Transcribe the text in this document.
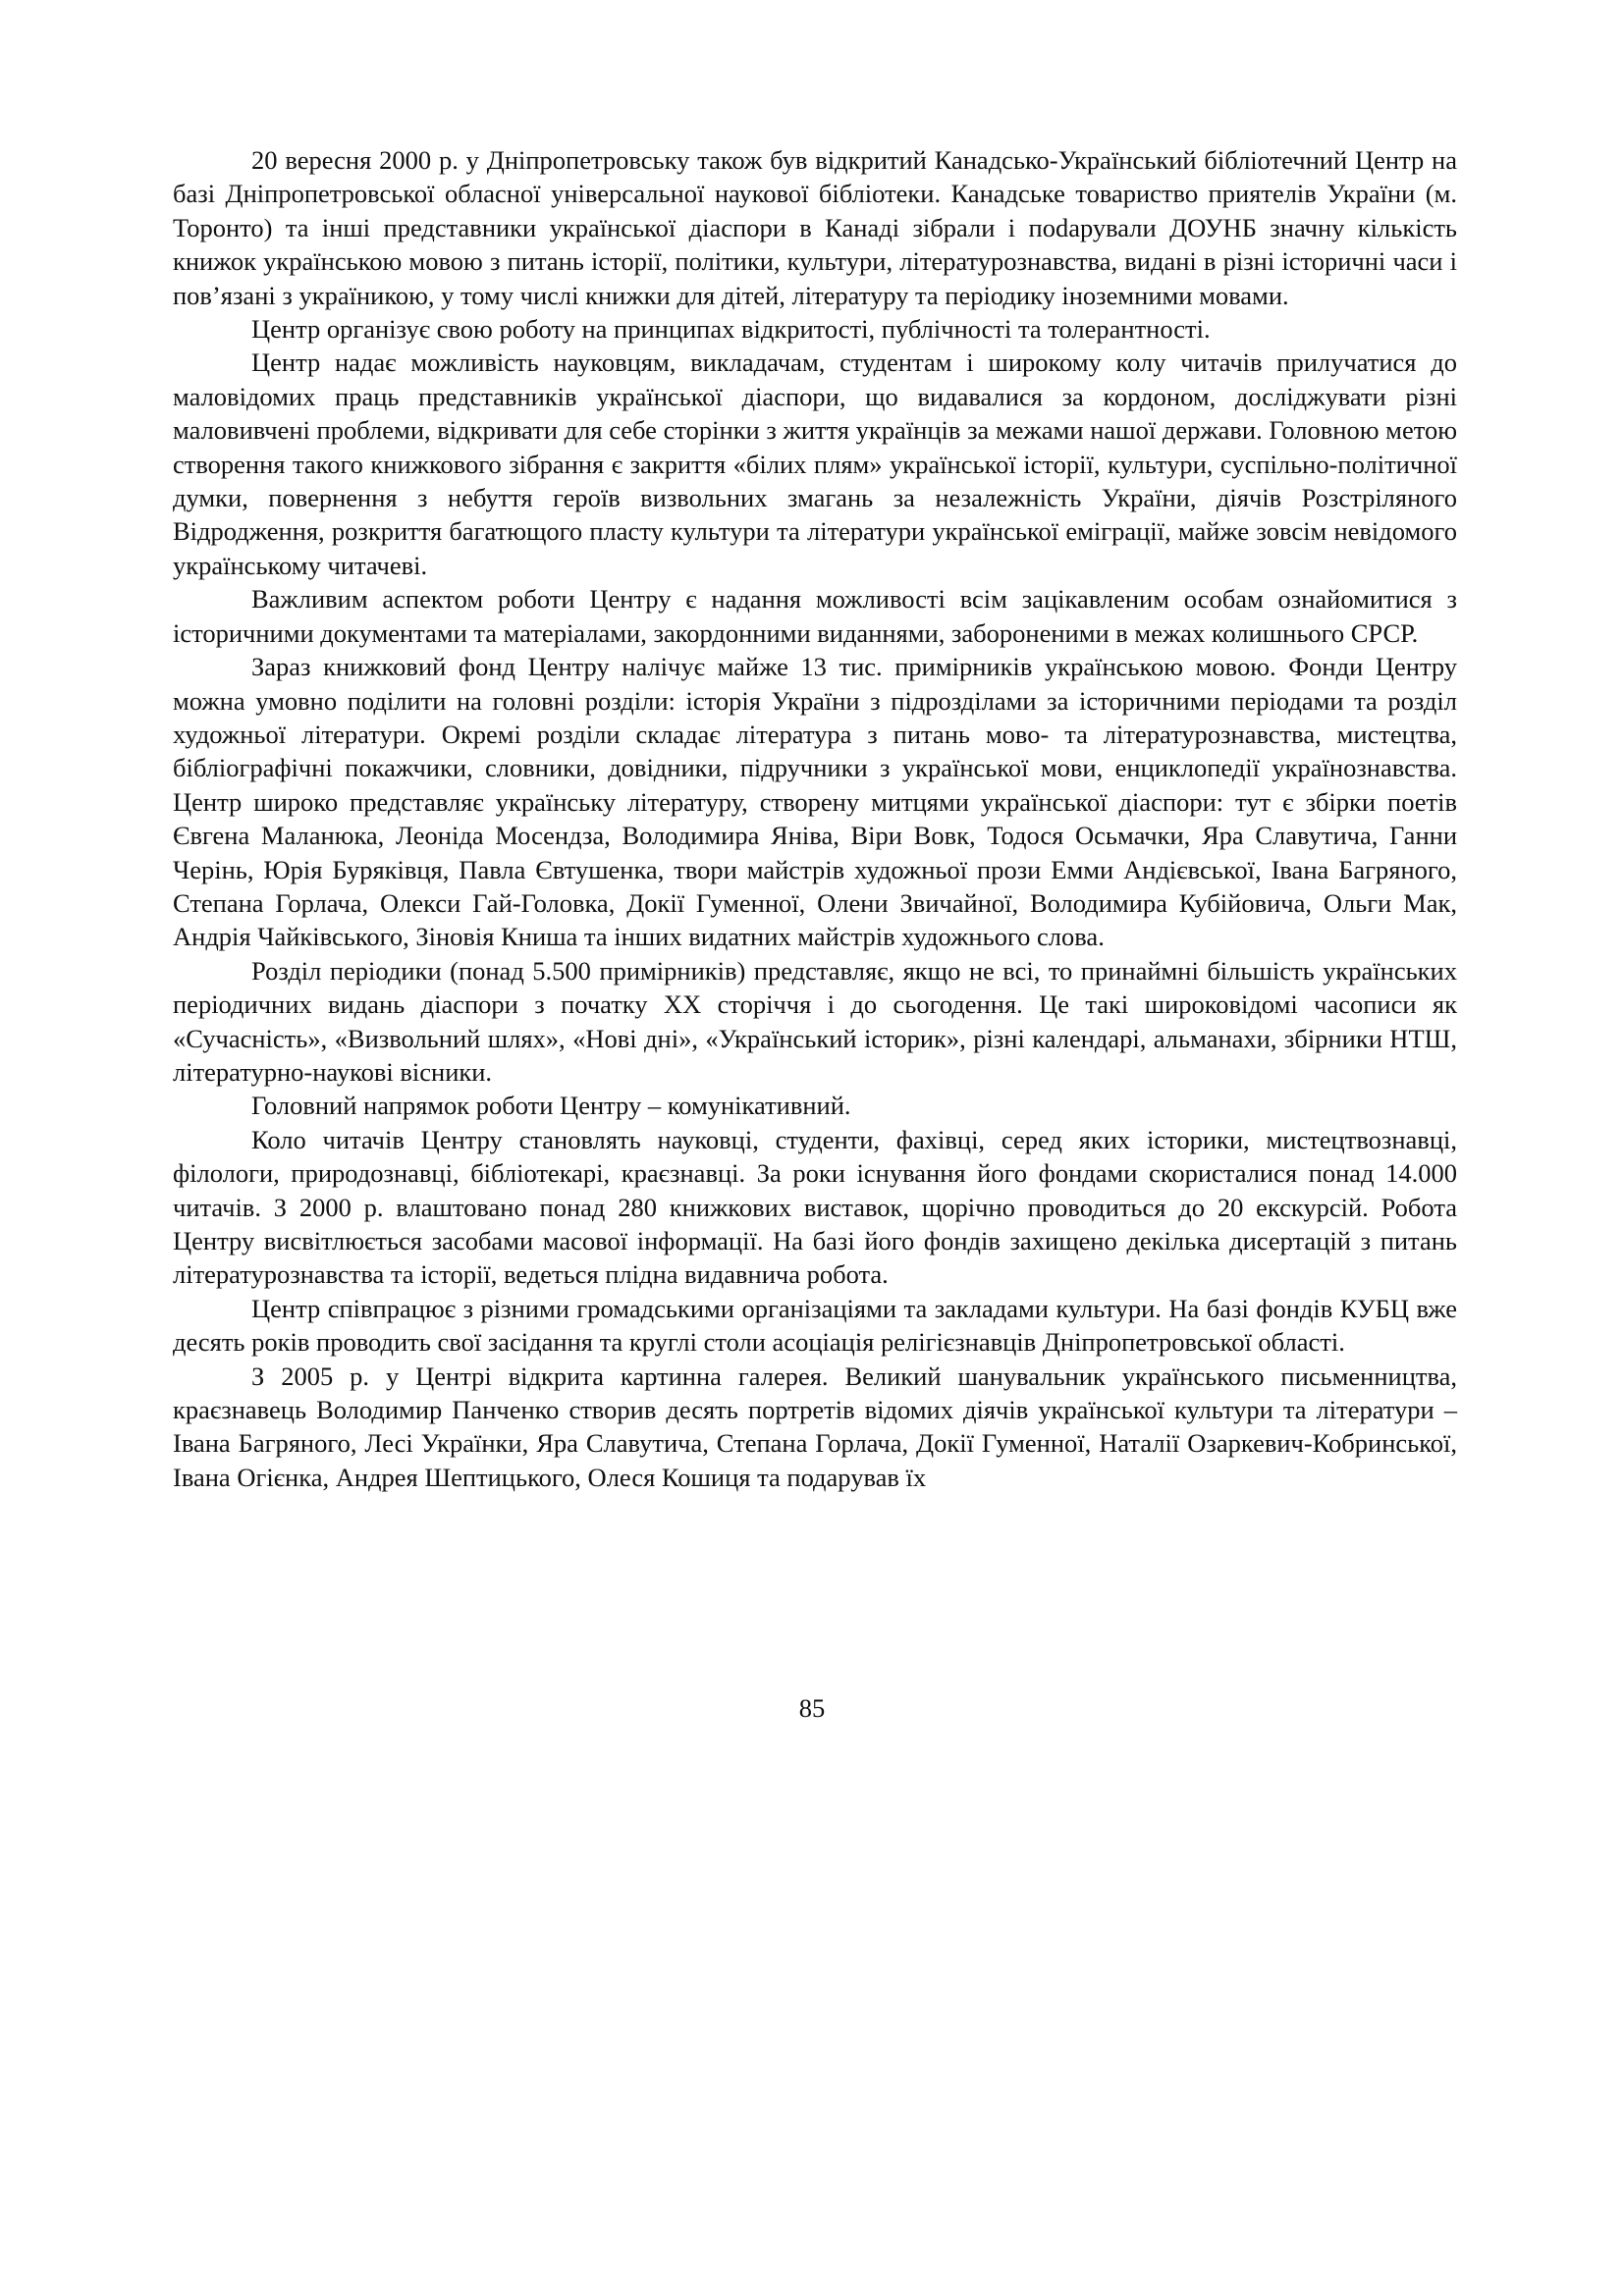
20 вересня 2000 р. у Дніпропетровську також був відкритий Канадсько-Український біблiотечний Центр на базі Дніпропетровської обласної універсальної наукової бібліотеки. Канадське товариство приятелів України (м. Торонто) та інші представники української діаспори в Канаді зібрали і поdарували ДОУНБ значну кількість книжок українською мовою з питань історії, політики, культури, літературознавства, видані в різні історичні часи і пов’язані з україникою, у тому числі книжки для дітей, літературу та періодику іноземними мовами.

Центр організує свою роботу на принципах відкритості, публічності та толерантності.

Центр надає можливість науковцям, викладачам, студентам і широкому колу читачів прилучатися до маловідомих праць представників української діаспори, що видавалися за кордоном, досліджувати різні маловивчені проблеми, відкривати для себе сторінки з життя українців за межами нашої держави. Головною метою створення такого книжкового зібрання є закриття «білих плям» української історії, культури, суспільно-політичної думки, повернення з небуття героїв визвольних змагань за незалежність України, діячів Розстріляного Відродження, розкриття багатющого пласту культури та літератури української еміграції, майже зовсім невідомого українському читачеві.

Важливим аспектом роботи Центру є надання можливості всім зацікавленим особам ознайомитися з історичними документами та матеріалами, закордонними виданнями, забороненими в межах колишнього СРСР.

Зараз книжковий фонд Центру налічує майже 13 тис. примірників українською мовою. Фонди Центру можна умовно поділити на головні розділи: історія України з підрозділами за історичними періодами та розділ художньої літератури. Окремі розділи складає література з питань мово- та літературознавства, мистецтва, бібліографічні покажчики, словники, довідники, підручники з української мови, енциклопедії українознавства. Центр широко представляє українську літературу, створену митцями української діаспори: тут є збірки поетів Євгена Маланюка, Леоніда Мосендза, Володимира Яніва, Віри Вовк, Тодося Осьмачки, Яра Славутича, Ганни Черінь, Юрія Буряківця, Павла Євтушенка, твори майстрів художньої прози Емми Андієвської, Івана Багряного, Степана Горлача, Олекси Гай-Головка, Докії Гуменної, Олени Звичайної, Володимира Кубійовича, Ольги Мак, Андрія Чайківського, Зіновія Книша та інших видатних майстрів художнього слова.

Розділ періодики (понад 5.500 примірників) представляє, якщо не всі, то принаймні більшість українських періодичних видань діаспори з початку ХХ сторіччя і до сьогодення. Це такі широковідомі часописи як «Сучасність», «Визвольний шлях», «Нові дні», «Український історик», різні календарі, альманахи, збірники НТШ, літературно-наукові вісники.

Головний напрямок роботи Центру – комунікативний.

Коло читачів Центру становлять науковці, студенти, фахівці, серед яких історики, мистецтвознавці, філологи, природознавці, бібліотекарі, краєзнавці. За роки існування його фондами скористалися понад 14.000 читачів. З 2000 р. влаштовано понад 280 книжкових виставок, щорічно проводиться до 20 екскурсій. Робота Центру висвітлюється засобами масової інформації. На базі його фондів захищено декілька дисертацій з питань літературознавства та історії, ведеться плідна видавнича робота.

Центр співпрацює з різними громадськими організаціями та закладами культури. На базі фондів КУБЦ вже десять років проводить свої засідання та круглі столи асоціація релігієзнавців Дніпропетровської області.

З 2005 р. у Центрі відкрита картинна галерея. Великий шанувальник українського письменництва, краєзнавець Володимир Панченко створив десять портретів відомих діячів української культури та літератури – Івана Багряного, Лесі Українки, Яра Славутича, Степана Горлача, Докії Гуменної, Наталії Озаркевич-Кобринської, Івана Огієнка, Андрея Шептицького, Олеся Кошиця та подарував їх

85
